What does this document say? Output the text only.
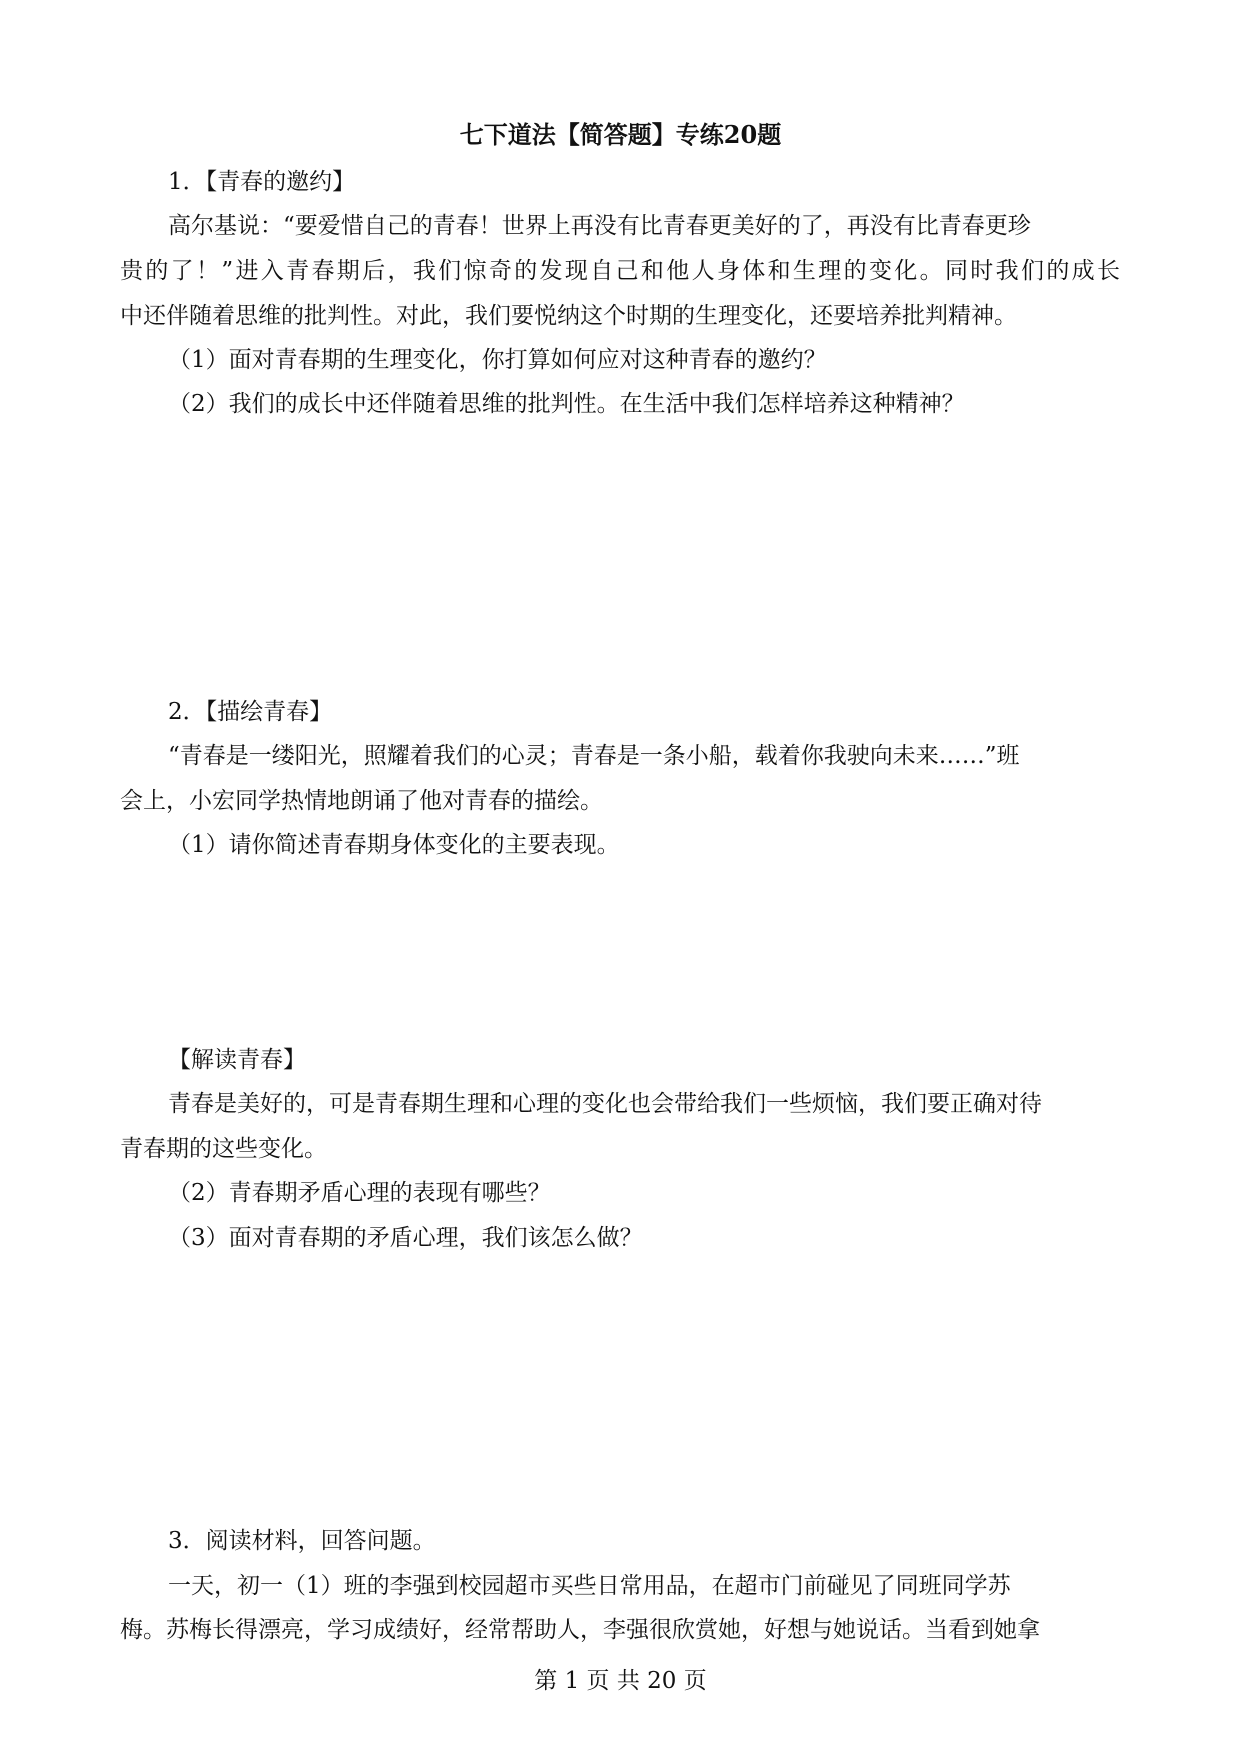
七下道法【简答题】专练20题
1．【青春的邀约】
高尔基说：“要爱惜自己的青春！世界上再没有比青春更美好的了，再没有比青春更珍
贵的了！”进入青春期后，我们惊奇的发现自己和他人身体和生理的变化。同时我们的成长
中还伴随着思维的批判性。对此，我们要悦纳这个时期的生理变化，还要培养批判精神。
（1）面对青春期的生理变化，你打算如何应对这种青春的邀约？
（2）我们的成长中还伴随着思维的批判性。在生活中我们怎样培养这种精神？
2．【描绘青春】
“青春是一缕阳光，照耀着我们的心灵；青春是一条小船，载着你我驶向未来……”班
会上，小宏同学热情地朗诵了他对青春的描绘。
（1）请你简述青春期身体变化的主要表现。
【解读青春】
青春是美好的，可是青春期生理和心理的变化也会带给我们一些烦恼，我们要正确对待
青春期的这些变化。
（2）青春期矛盾心理的表现有哪些？
（3）面对青春期的矛盾心理，我们该怎么做？
3．阅读材料，回答问题。
一天，初一（1）班的李强到校园超市买些日常用品，在超市门前碰见了同班同学苏
梅。苏梅长得漂亮，学习成绩好，经常帮助人，李强很欣赏她，好想与她说话。当看到她拿
第 1 页 共 20 页
